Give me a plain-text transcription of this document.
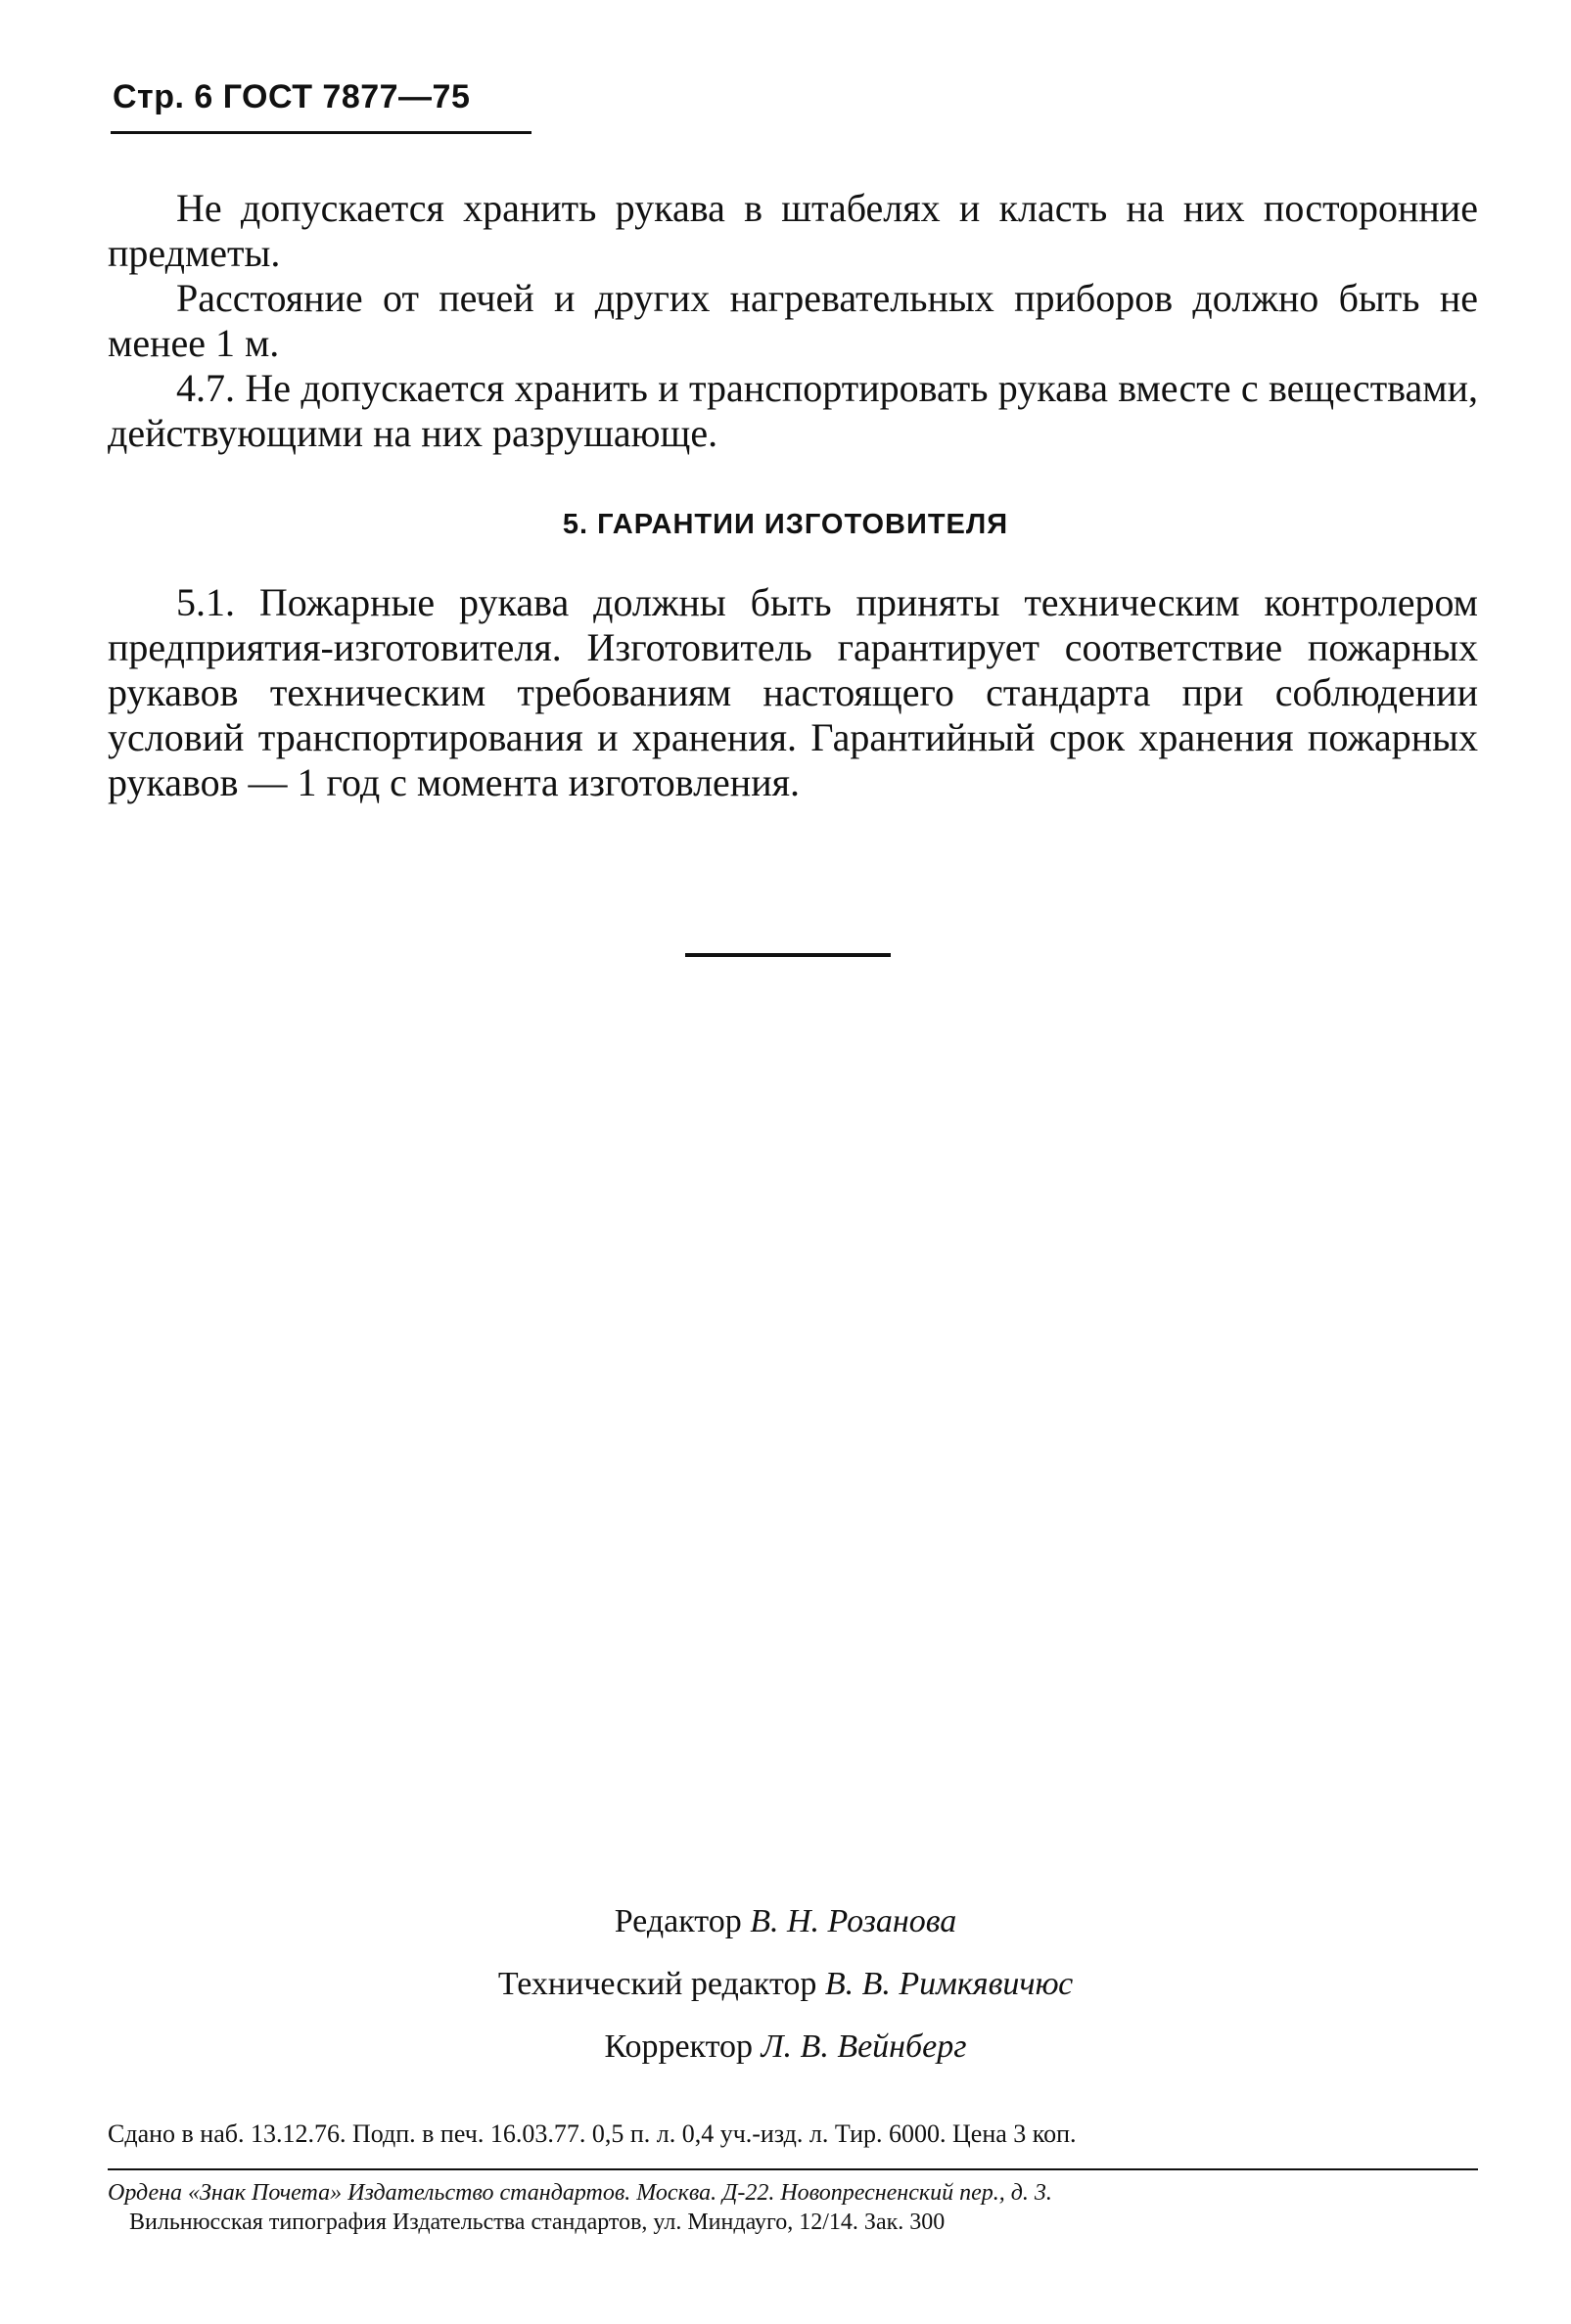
Стр. 6 ГОСТ 7877—75

Не допускается хранить рукава в штабелях и класть на них посторонние предметы.

Расстояние от печей и других нагревательных приборов должно быть не менее 1 м.

4.7. Не допускается хранить и транспортировать рукава вместе с веществами, действующими на них разрушающе.

5. ГАРАНТИИ ИЗГОТОВИТЕЛЯ

5.1. Пожарные рукава должны быть приняты техническим контролером предприятия-изготовителя. Изготовитель гарантирует соответствие пожарных рукавов техническим требованиям настоящего стандарта при соблюдении условий транспортирования и хранения. Гарантийный срок хранения пожарных рукавов — 1 год с момента изготовления.

Редактор В. Н. Розанова
Технический редактор В. В. Римкявичюс
Корректор Л. В. Вейнберг
Сдано в наб. 13.12.76. Подп. в печ. 16.03.77. 0,5 п. л. 0,4 уч.-изд. л. Тир. 6000. Цена 3 коп.
Ордена «Знак Почета» Издательство стандартов. Москва. Д-22. Новопресненский пер., д. 3.
Вильнюсская типография Издательства стандартов, ул. Миндауго, 12/14. Зак. 300
